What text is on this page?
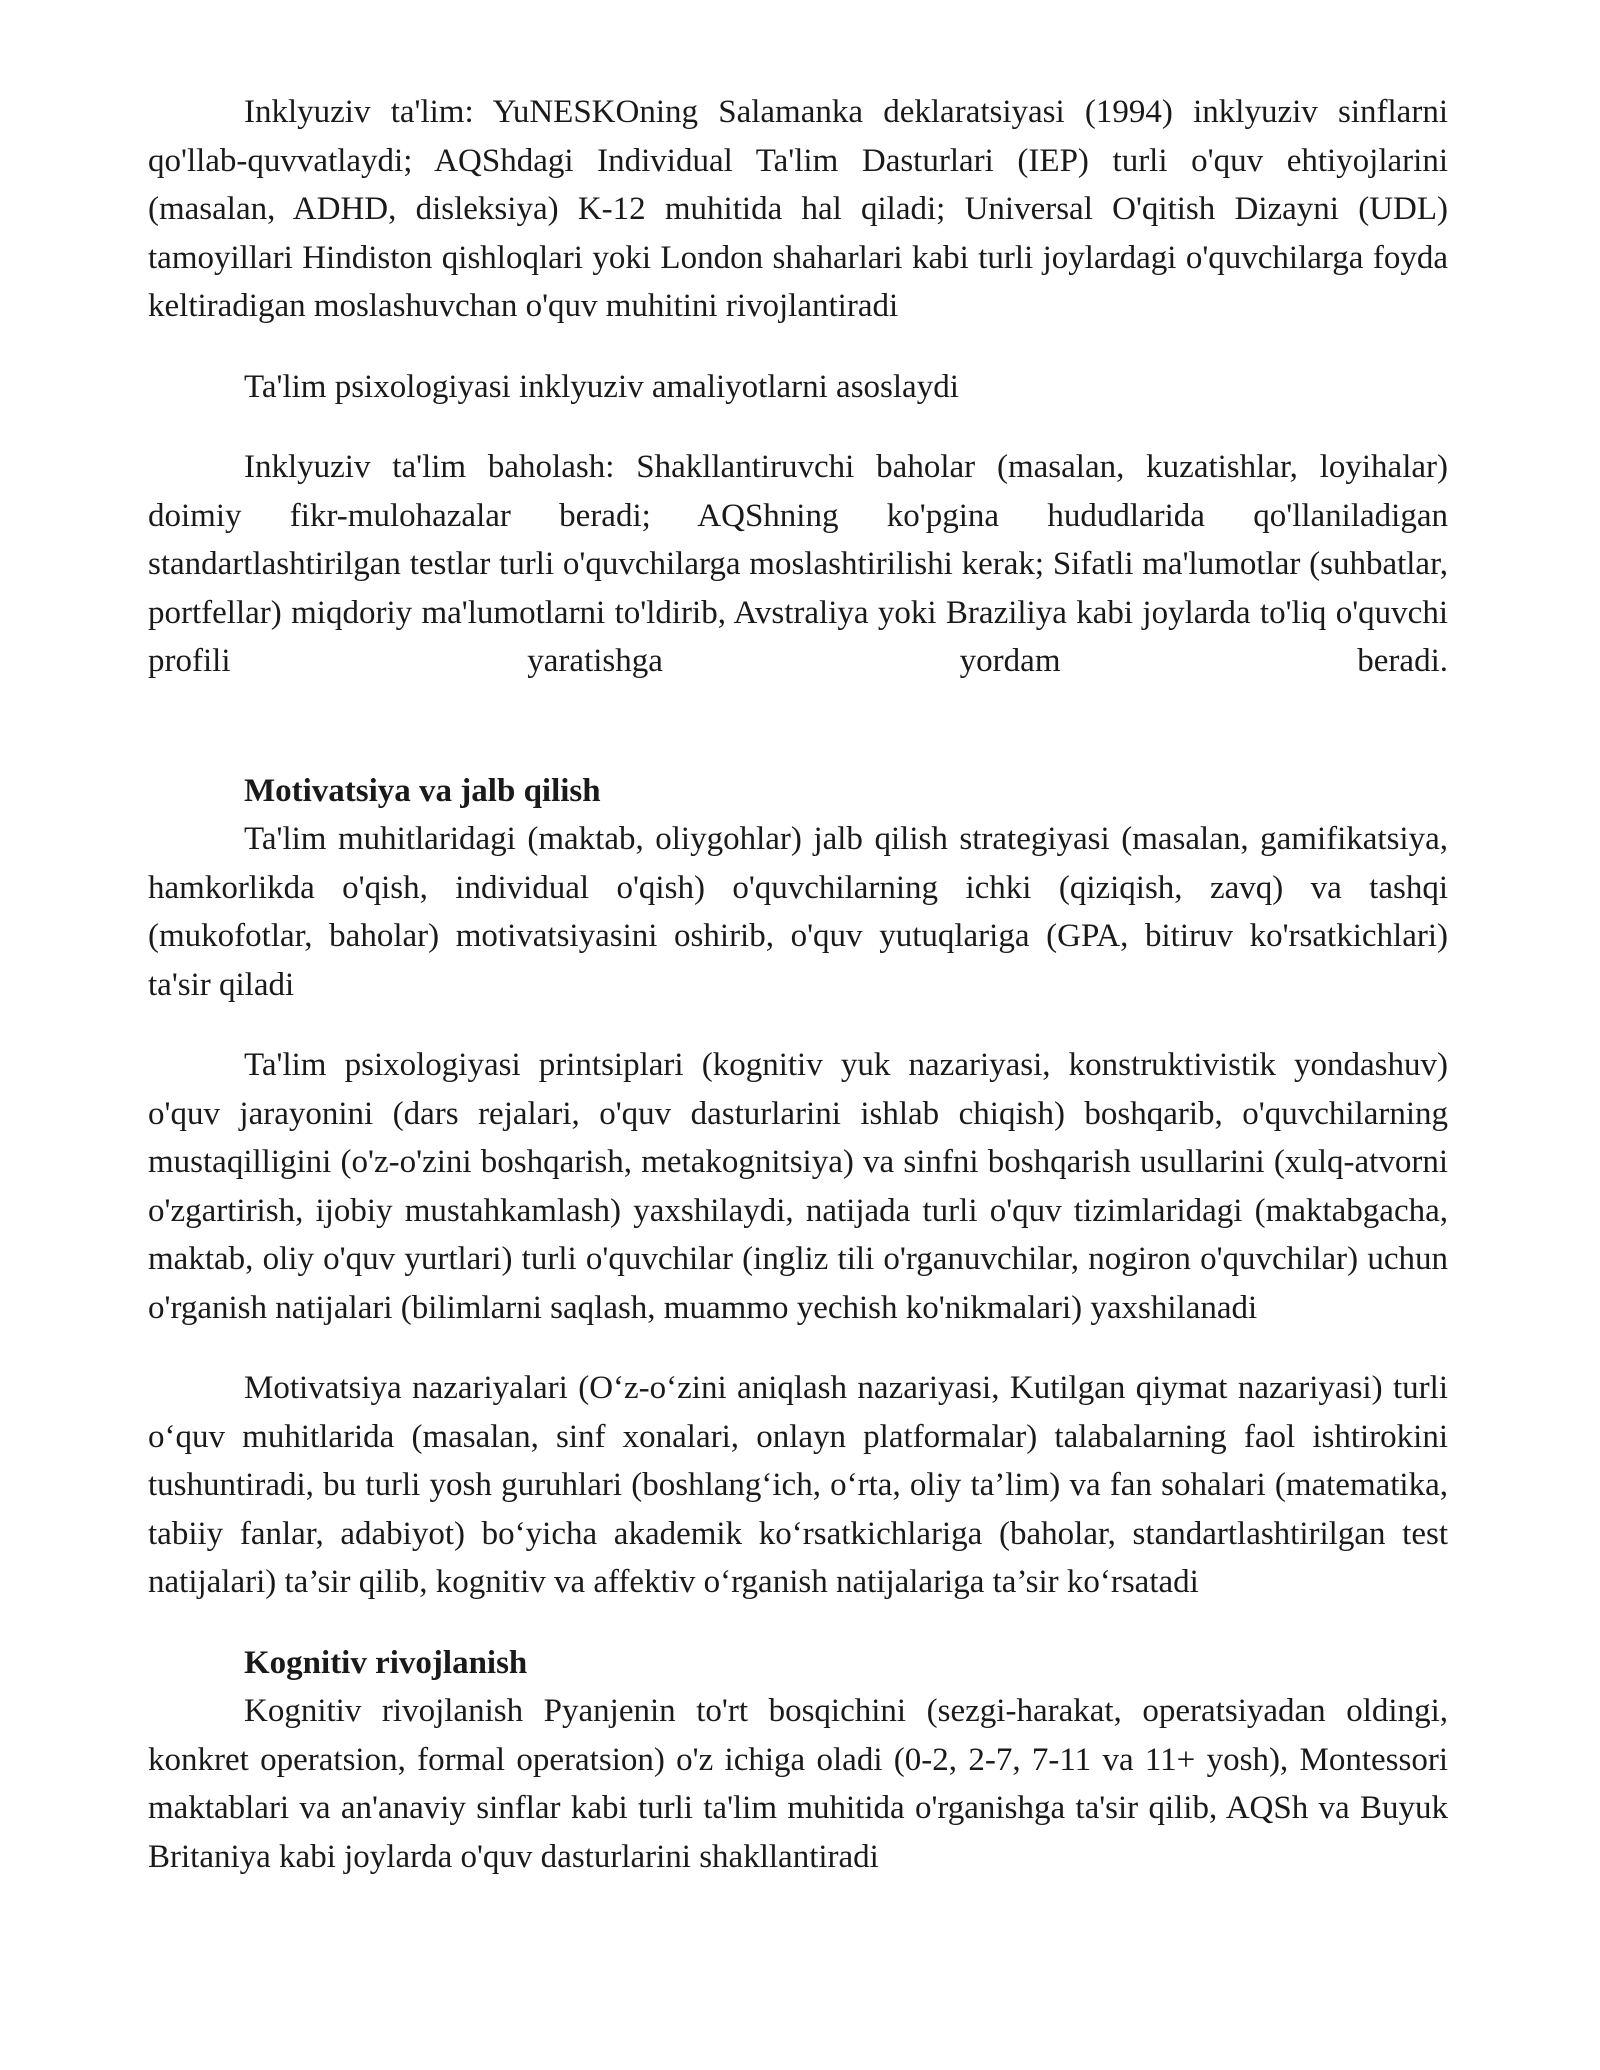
Inklyuziv ta'lim: YuNESKOning Salamanka deklaratsiyasi (1994) inklyuziv sinflarni qo'llab-quvvatlaydi; AQShdagi Individual Ta'lim Dasturlari (IEP) turli o'quv ehtiyojlarini (masalan, ADHD, disleksiya) K-12 muhitida hal qiladi; Universal O'qitish Dizayni (UDL) tamoyillari Hindiston qishloqlari yoki London shaharlari kabi turli joylardagi o'quvchilarga foyda keltiradigan moslashuvchan o'quv muhitini rivojlantiradi

Ta'lim psixologiyasi inklyuziv amaliyotlarni asoslaydi

Inklyuziv ta'lim baholash: Shakllantiruvchi baholar (masalan, kuzatishlar, loyihalar) doimiy fikr-mulohazalar beradi; AQShning ko'pgina hududlarida qo'llaniladigan standartlashtirilgan testlar turli o'quvchilarga moslashtirilishi kerak; Sifatli ma'lumotlar (suhbatlar, portfellar) miqdoriy ma'lumotlarni to'ldirib, Avstraliya yoki Braziliya kabi joylarda to'liq o'quvchi profili yaratishga yordam beradi.

Motivatsiya va jalb qilish

Ta'lim muhitlaridagi (maktab, oliygohlar) jalb qilish strategiyasi (masalan, gamifikatsiya, hamkorlikda o'qish, individual o'qish) o'quvchilarning ichki (qiziqish, zavq) va tashqi (mukofotlar, baholar) motivatsiyasini oshirib, o'quv yutuqlariga (GPA, bitiruv ko'rsatkichlari) ta'sir qiladi

Ta'lim psixologiyasi printsiplari (kognitiv yuk nazariyasi, konstruktivistik yondashuv) o'quv jarayonini (dars rejalari, o'quv dasturlarini ishlab chiqish) boshqarib, o'quvchilarning mustaqilligini (o'z-o'zini boshqarish, metakognitsiya) va sinfni boshqarish usullarini (xulq-atvorni o'zgartirish, ijobiy mustahkamlash) yaxshilaydi, natijada turli o'quv tizimlaridagi (maktabgacha, maktab, oliy o'quv yurtlari) turli o'quvchilar (ingliz tili o'rganuvchilar, nogiron o'quvchilar) uchun o'rganish natijalari (bilimlarni saqlash, muammo yechish ko'nikmalari) yaxshilanadi

Motivatsiya nazariyalari (O‘z-o‘zini aniqlash nazariyasi, Kutilgan qiymat nazariyasi) turli o‘quv muhitlarida (masalan, sinf xonalari, onlayn platformalar) talabalarning faol ishtirokini tushuntiradi, bu turli yosh guruhlari (boshlang‘ich, o‘rta, oliy ta’lim) va fan sohalari (matematika, tabiiy fanlar, adabiyot) bo‘yicha akademik ko‘rsatkichlariga (baholar, standartlashtirilgan test natijalari) ta’sir qilib, kognitiv va affektiv o‘rganish natijalariga ta’sir ko‘rsatadi

Kognitiv rivojlanish

Kognitiv rivojlanish Pyanjenin to'rt bosqichini (sezgi-harakat, operatsiyadan oldingi, konkret operatsion, formal operatsion) o'z ichiga oladi (0-2, 2-7, 7-11 va 11+ yosh), Montessori maktablari va an'anaviy sinflar kabi turli ta'lim muhitida o'rganishga ta'sir qilib, AQSh va Buyuk Britaniya kabi joylarda o'quv dasturlarini shakllantiradi
